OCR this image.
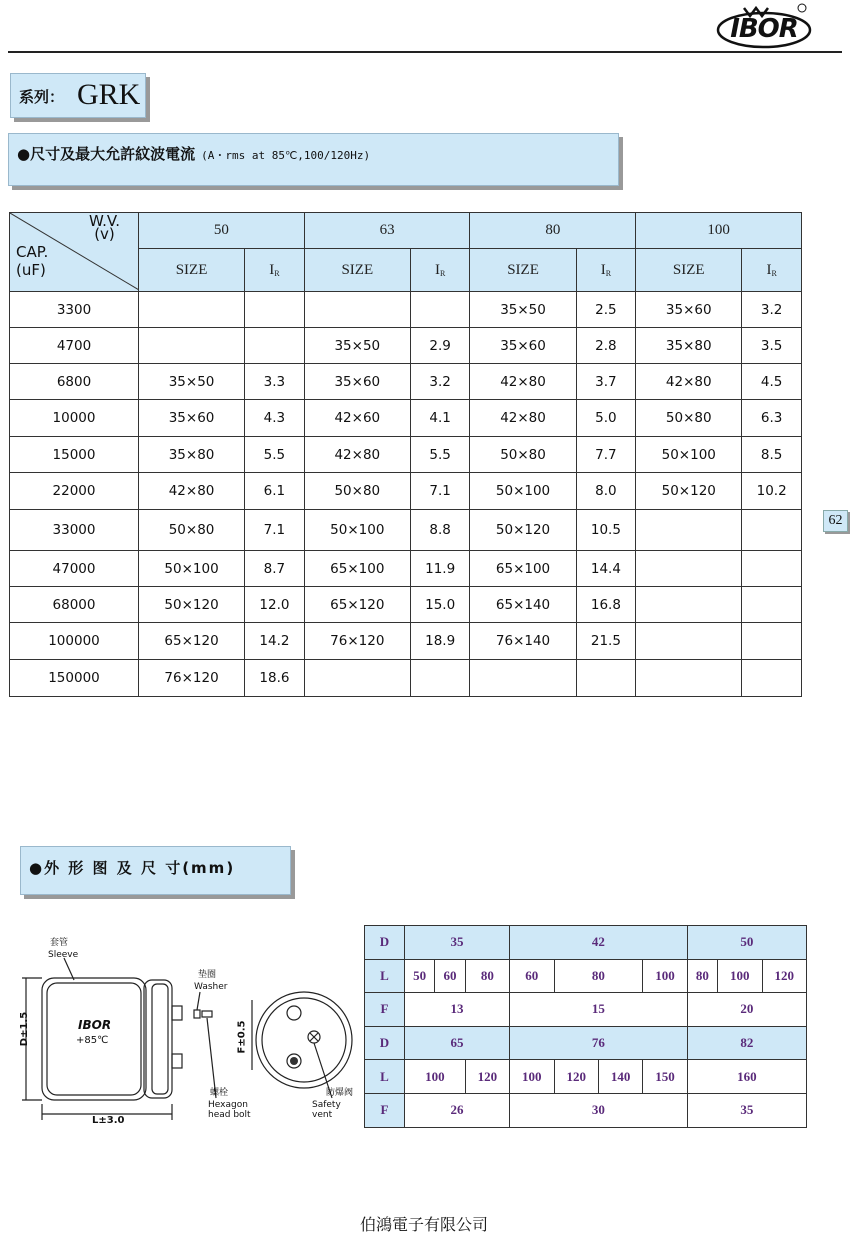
IBOR
系列： GRK
●尺寸及最大允許紋波電流 (A・rms at 85℃,100/120Hz)
W.V.
(v)
CAP.
(uF)	50		63		80		100	
	SIZE	$I_R$	SIZE	$I_R$	SIZE	$I_R$	SIZE	$I_R$
3300					35×50	2.5	35×60	3.2
4700			35×50	2.9	35×60	2.8	35×80	3.5
6800	35×50	3.3	35×60	3.2	42×80	3.7	42×80	4.5
10000	35×60	4.3	42×60	4.1	42×80	5.0	50×80	6.3
15000	35×80	5.5	42×80	5.5	50×80	7.7	50×100	8.5
22000	42×80	6.1	50×80	7.1	50×100	8.0	50×120	10.2
33000	50×80	7.1	50×100	8.8	50×120	10.5		
47000	50×100	8.7	65×100	11.9	65×100	14.4		
68000	50×120	12.0	65×120	15.0	65×140	16.8		
100000	65×120	14.2	76×120	18.9	76×140	21.5		
150000	76×120	18.6						
62
●外 形 图 及 尺 寸(mm)
套管
Sleeve
垫圈
Washer
螺栓
Hexagon head bolt
防爆阀
Safety vent
D±1.5
L±3.0
F±0.5
IBOR
+85℃
D	35			42				50		
L	50	60	80	60	80		100	80	100	120
F	13			15				20		
D	65			76				82		
L	100		120	100	120	140	150	160		
F	26			30				35		
伯鴻電子有限公司
